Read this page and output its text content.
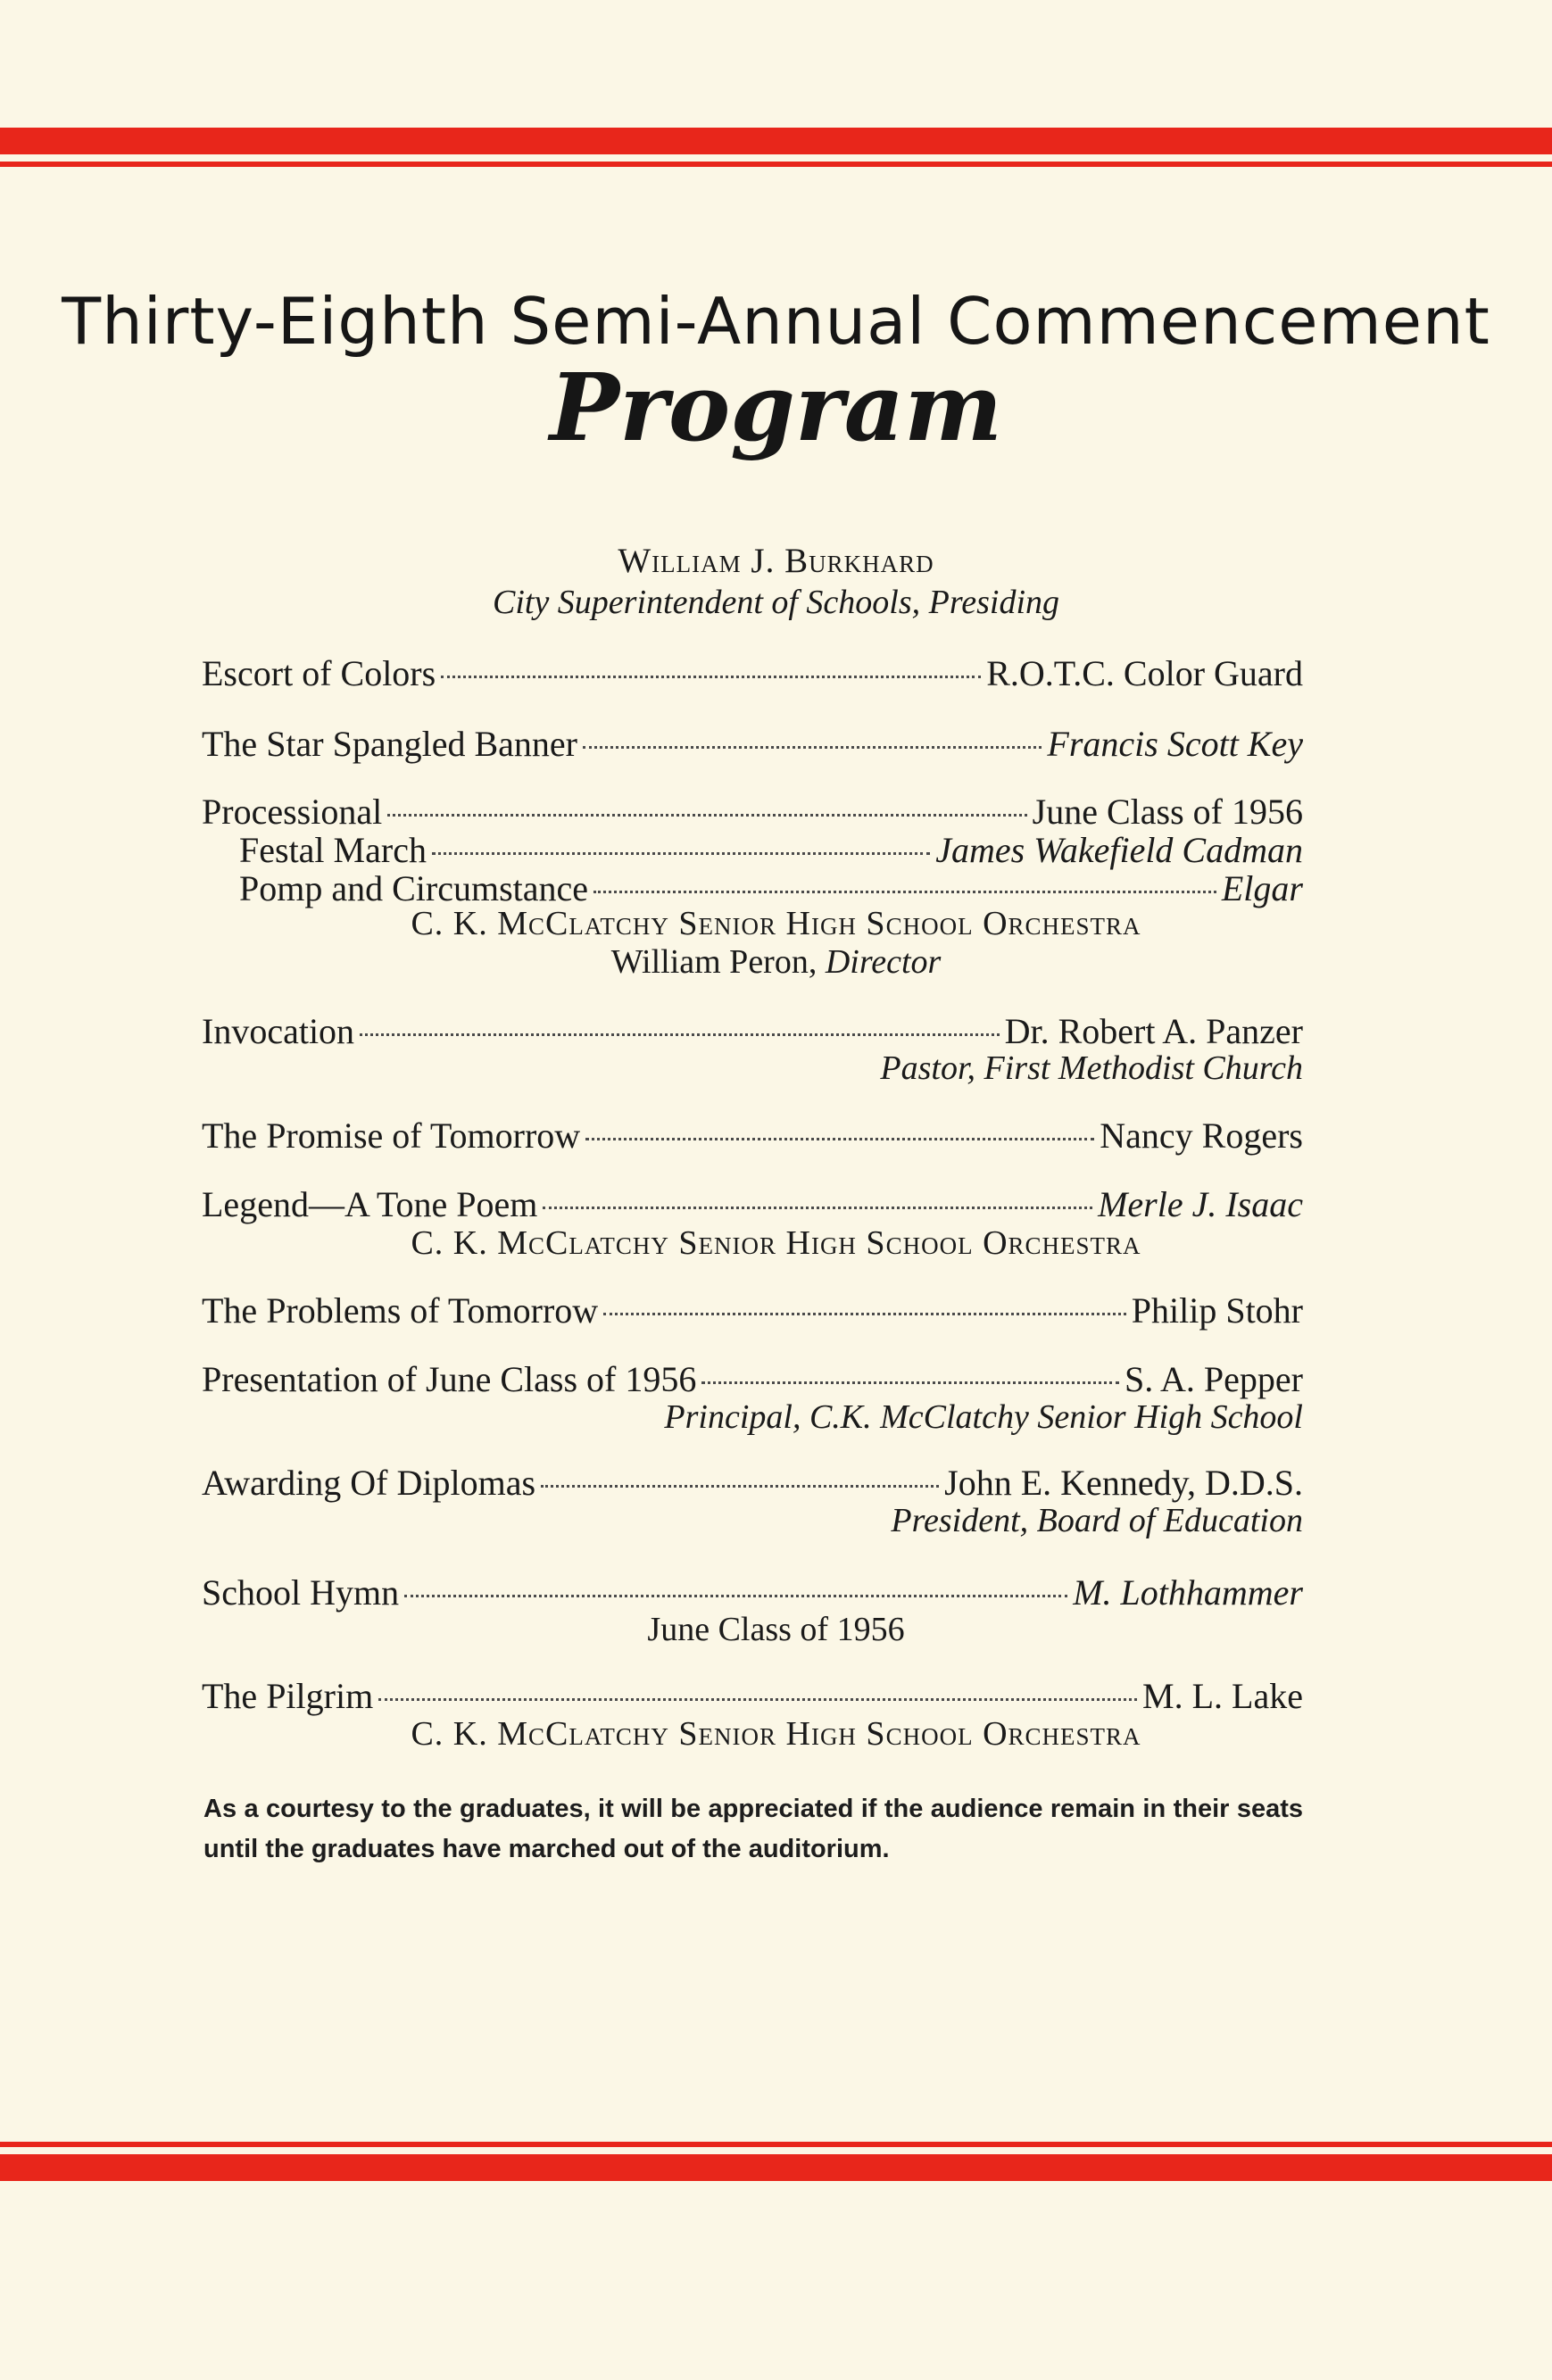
Thirty-Eighth Semi-Annual Commencement
Program
William J. Burkhard
City Superintendent of Schools, Presiding
Escort of Colors	R.O.T.C. Color Guard
The Star Spangled Banner	Francis Scott Key
Processional	June Class of 1956
Festal March	James Wakefield Cadman
Pomp and Circumstance	Elgar
C. K. McClatchy Senior High School Orchestra
William Peron, Director
Invocation	Dr. Robert A. Panzer
Pastor, First Methodist Church
The Promise of Tomorrow	Nancy Rogers
Legend—A Tone Poem	Merle J. Isaac
C. K. McClatchy Senior High School Orchestra
The Problems of Tomorrow	Philip Stohr
Presentation of June Class of 1956	S. A. Pepper
Principal, C.K. McClatchy Senior High School
Awarding Of Diplomas	John E. Kennedy, D.D.S.
President, Board of Education
School Hymn	M. Lothhammer
June Class of 1956
The Pilgrim	M. L. Lake
C. K. McClatchy Senior High School Orchestra
As a courtesy to the graduates, it will be appreciated if the audience remain in their seats until the graduates have marched out of the auditorium.
